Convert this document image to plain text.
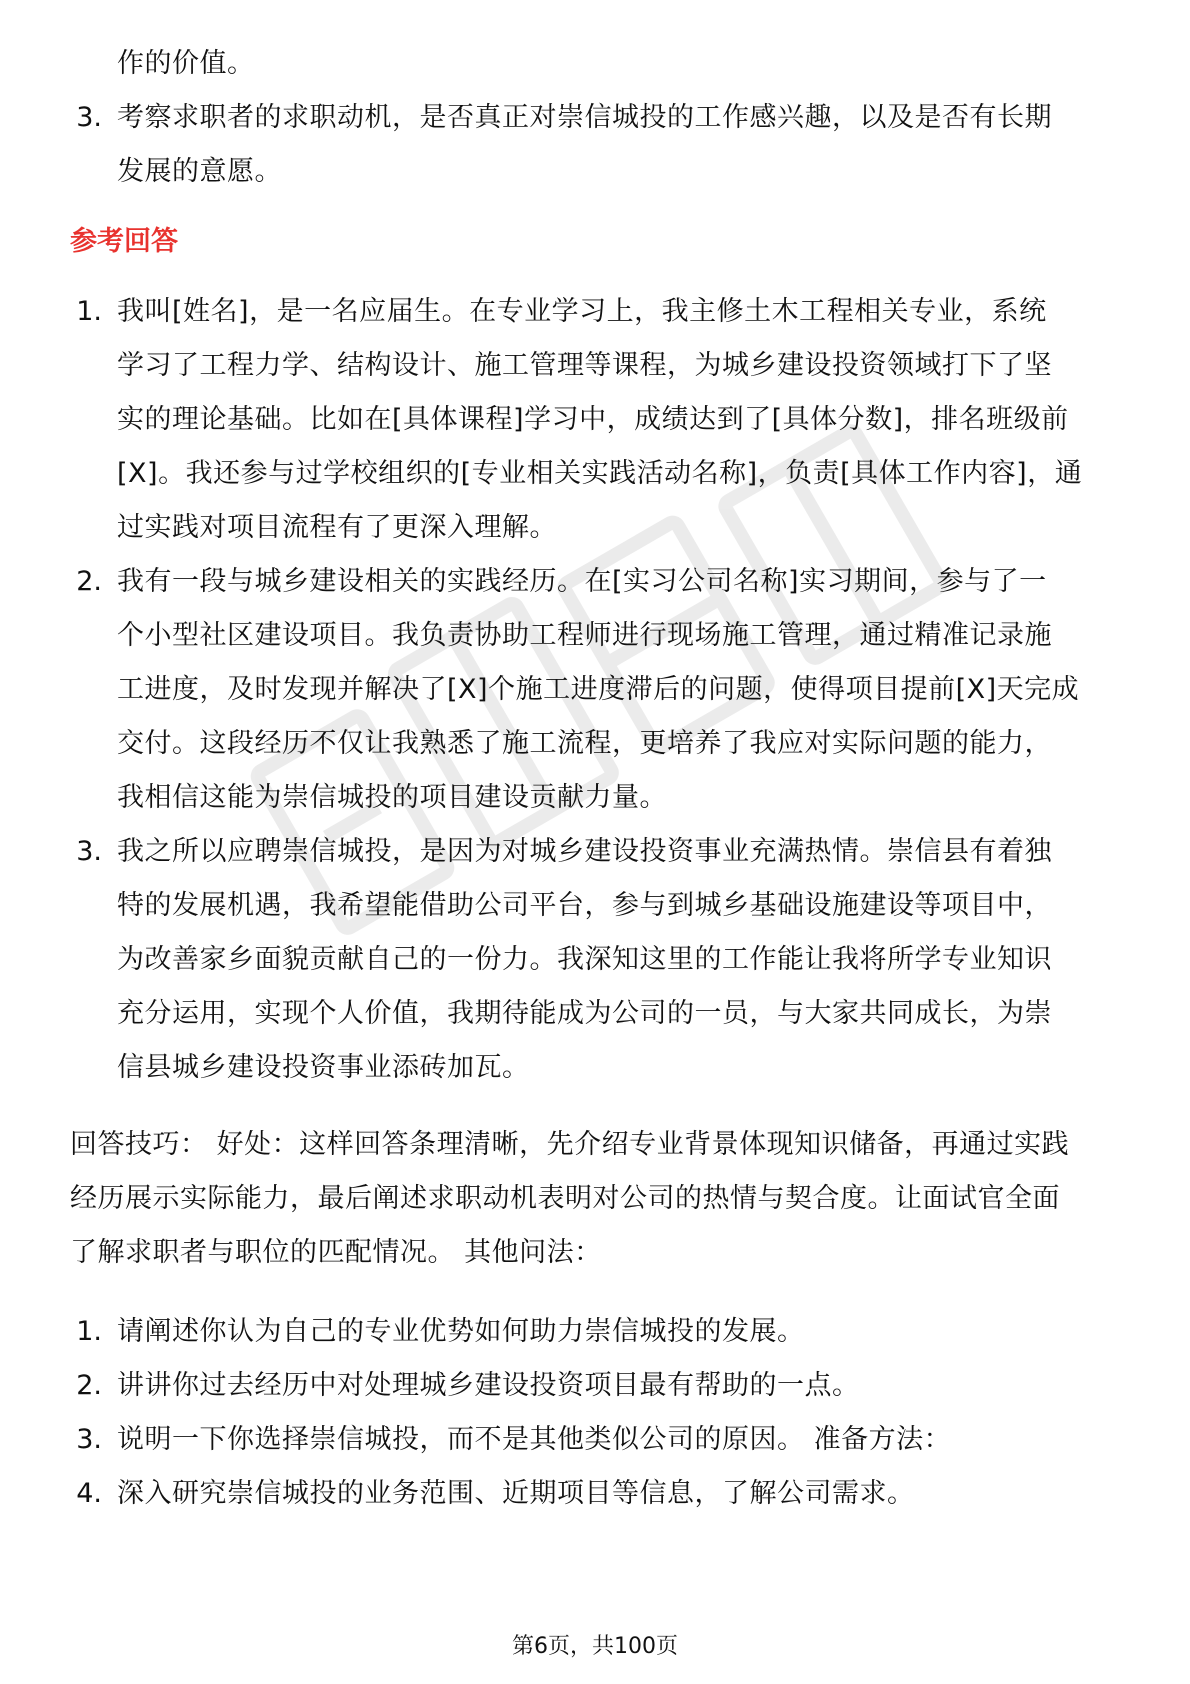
作的价值。
3. 考察求职者的求职动机，是否真正对崇信城投的工作感兴趣，以及是否有长期
发展的意愿。
参考回答
1. 我叫[姓名]，是一名应届生。在专业学习上，我主修土木工程相关专业，系统
学习了工程力学、结构设计、施工管理等课程，为城乡建设投资领域打下了坚
实的理论基础。比如在[具体课程]学习中，成绩达到了[具体分数]，排名班级前
[X]。我还参与过学校组织的[专业相关实践活动名称]，负责[具体工作内容]，通
过实践对项目流程有了更深入理解。
2. 我有一段与城乡建设相关的实践经历。在[实习公司名称]实习期间，参与了一
个小型社区建设项目。我负责协助工程师进行现场施工管理，通过精准记录施
工进度，及时发现并解决了[X]个施工进度滞后的问题，使得项目提前[X]天完成
交付。这段经历不仅让我熟悉了施工流程，更培养了我应对实际问题的能力，
我相信这能为崇信城投的项目建设贡献力量。
3. 我之所以应聘崇信城投，是因为对城乡建设投资事业充满热情。崇信县有着独
特的发展机遇，我希望能借助公司平台，参与到城乡基础设施建设等项目中，
为改善家乡面貌贡献自己的一份力。我深知这里的工作能让我将所学专业知识
充分运用，实现个人价值，我期待能成为公司的一员，与大家共同成长，为崇
信县城乡建设投资事业添砖加瓦。
回答技巧： 好处：这样回答条理清晰，先介绍专业背景体现知识储备，再通过实践
经历展示实际能力，最后阐述求职动机表明对公司的热情与契合度。让面试官全面
了解求职者与职位的匹配情况。 其他问法：
1. 请阐述你认为自己的专业优势如何助力崇信城投的发展。
2. 讲讲你过去经历中对处理城乡建设投资项目最有帮助的一点。
3. 说明一下你选择崇信城投，而不是其他类似公司的原因。 准备方法：
4. 深入研究崇信城投的业务范围、近期项目等信息，了解公司需求。
第6页，共100页
